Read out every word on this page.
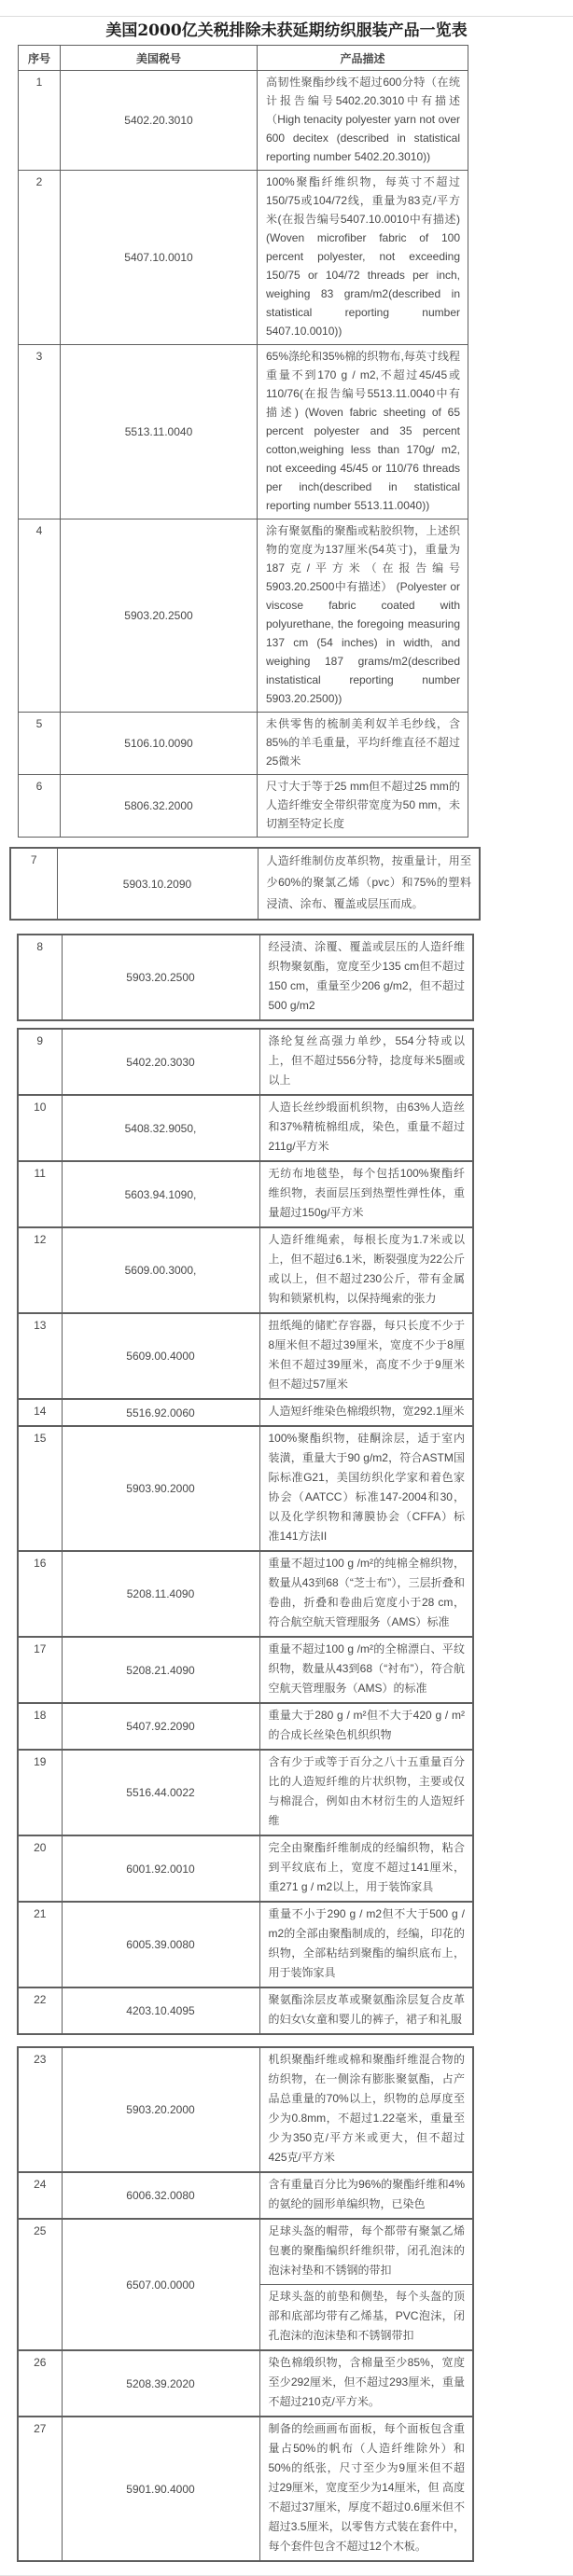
美国2000亿关税排除未获延期纺织服装产品一览表
序号	美国税号	产品描述
1	5402.20.3010	高韧性聚酯纱线不超过600分特（在统计报告编号5402.20.3010中有描述（High tenacity polyester yarn not over 600 decitex (described in statistical reporting number 5402.20.3010))
2	5407.10.0010	100%聚酯纤维织物，每英寸不超过150/75或104/72线，重量为83克/平方米(在报告编号5407.10.0010中有描述) (Woven microfiber fabric of 100 percent polyester, not exceeding 150/75 or 104/72 threads per inch, weighing 83 gram/m2(described in statistical reporting number 5407.10.0010))
3	5513.11.0040	65%涤纶和35%棉的织物布,每英寸线程重量不到170 g / m2,不超过45/45或110/76(在报告编号5513.11.0040中有描述) (Woven fabric sheeting of 65 percent polyester and 35 percent cotton,weighing less than 170g/ m2, not exceeding 45/45 or 110/76 threads per inch(described in statistical reporting number 5513.11.0040))
4	5903.20.2500	涂有聚氨酯的聚酯或粘胶织物，上述织物的宽度为137厘米(54英寸)，重量为187克/平方米（在报告编号5903.20.2500中有描述） (Polyester or viscose fabric coated with polyurethane, the foregoing measuring 137 cm (54 inches) in width, and weighing 187 grams/m2(described instatistical reporting number 5903.20.2500))
5	5106.10.0090	未供零售的梳制美利奴羊毛纱线，含85%的羊毛重量，平均纤维直径不超过25微米
6	5806.32.2000	尺寸大于等于25 mm但不超过25 mm的人造纤维安全带织带宽度为50 mm，未切割至特定长度
7	5903.10.2090	人造纤维制仿皮革织物，按重量计，用至少60%的聚氯乙烯（pvc）和75%的塑料浸渍、涂布、覆盖或层压而成。
8	5903.20.2500	经浸渍、涂覆、覆盖或层压的人造纤维织物聚氨酯，宽度至少135 cm但不超过150 cm，重量至少206 g/m2，但不超过500 g/m2
9	5402.20.3030	涤纶复丝高强力单纱，554分特或以上，但不超过556分特，捻度每米5圈或以上
10	5408.32.9050,	人造长丝纱缎面机织物，由63%人造丝和37%精梳棉组成，染色，重量不超过211g/平方米
11	5603.94.1090,	无纺布地毯垫，每个包括100%聚酯纤维织物，表面层压到热塑性弹性体，重量超过150g/平方米
12	5609.00.3000,	人造纤维绳索，每根长度为1.7米或以上，但不超过6.1米，断裂强度为22公斤或以上，但不超过230公斤，带有金属钩和锁紧机构，以保持绳索的张力
13	5609.00.4000	扭纸绳的储贮存容器，每只长度不少于8厘米但不超过39厘米，宽度不少于8厘米但不超过39厘米，高度不少于9厘米但不超过57厘米
14	5516.92.0060	人造短纤维染色棉缎织物，宽292.1厘米
15	5903.90.2000	100%聚酯织物，硅酮涂层，适于室内装潢，重量大于90 g/m2，符合ASTM国际标准G21，美国纺织化学家和着色家协会（AATCC）标准147-2004和30，以及化学织物和薄膜协会（CFFA）标准141方法II
16	5208.11.4090	重量不超过100 g /m²的纯棉全棉织物，数量从43到68（“芝士布”），三层折叠和卷曲，折叠和卷曲后宽度小于28 cm，符合航空航天管理服务（AMS）标准
17	5208.21.4090	重量不超过100 g /m²的全棉漂白、平纹织物，数量从43到68（“衬布”），符合航空航天管理服务（AMS）的标准
18	5407.92.2090	重量大于280 g / m²但不大于420 g / m²的合成长丝染色机织织物
19	5516.44.0022	含有少于或等于百分之八十五重量百分比的人造短纤维的片状织物，主要或仅与棉混合，例如由木材衍生的人造短纤维
20	6001.92.0010	完全由聚酯纤维制成的经编织物，粘合到平纹底布上，宽度不超过141厘米，重271 g / m2以上，用于装饰家具
21	6005.39.0080	重量不小于290 g / m2但不大于500 g / m2的全部由聚酯制成的，经编，印花的织物，全部粘结到聚酯的编织底布上，用于装饰家具
22	4203.10.4095	聚氨酯涂层皮革或聚氨酯涂层复合皮革的妇女\女童和婴儿的裤子，裙子和礼服
23	5903.20.2000	机织聚酯纤维或棉和聚酯纤维混合物的纺织物，在一侧涂有膨胀聚氨酯，占产品总重量的70%以上，织物的总厚度至少为0.8mm，不超过1.22毫米，重量至少为350克/平方米或更大，但不超过425克/平方米
24	6006.32.0080	含有重量百分比为96%的聚酯纤维和4%的氨纶的圆形单编织物，已染色
25	6507.00.0000	足球头盔的帽带，每个都带有聚氯乙烯包裹的聚酯编织纤维织带，闭孔泡沫的泡沫衬垫和不锈钢的带扣
		足球头盔的前垫和侧垫，每个头盔的顶部和底部均带有乙烯基，PVC泡沫，闭孔泡沫的泡沫垫和不锈钢带扣
26	5208.39.2020	染色棉缎织物，含棉量至少85%，宽度至少292厘米，但不超过293厘米，重量不超过210克/平方米。
27	5901.90.4000	制备的绘画画布面板，每个面板包含重量占50%的帆布（人造纤维除外）和50%的纸张，尺寸至少为9厘米但不超过29厘米，宽度至少为14厘米，但 高度不超过37厘米，厚度不超过0.6厘米但不超过3.5厘米，以零售方式装在套件中，每个套件包含不超过12个木板。
